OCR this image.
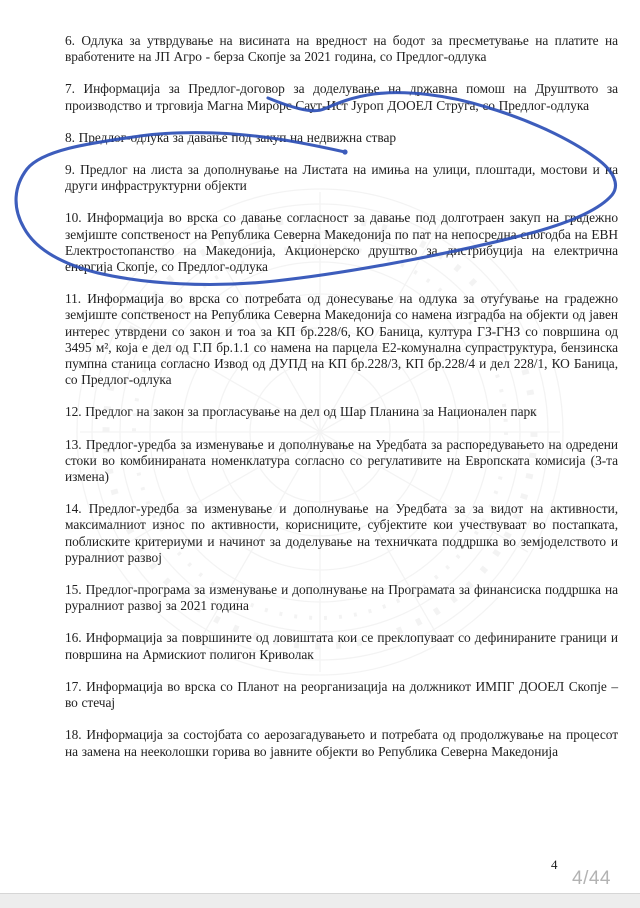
6. Одлука за утврдување на висината на вредност на бодот за пресметување на платите на вработените на ЈП Агро - берза Скопје за 2021 година, со Предлог-одлука

7. Информација за Предлог-договор за доделување на државна помош на Друштвото за производство и трговија Магна Мирорс Саут-Ист Јуроп ДООЕЛ Струга, со Предлог-одлука

8. Предлог-одлука за давање под закуп на недвижна ствар

9. Предлог на листа за дополнување на Листата на имиња на улици, плоштади, мостови и на други инфраструктурни објекти

10. Информација во врска со давање согласност за давање под долготраен закуп на градежно земјиште сопственост на Република Северна Македонија по пат на непосредна спогодба на ЕВН Електростопанство на Македонија, Акционерско друштво за дистрибуција на електрична енергија Скопје, со Предлог-одлука

11. Информација во врска со потребата од донесување на одлука за отуѓување на градежно земјиште сопственост на Република Северна Македонија со намена изградба на објекти од јавен интерес утврдени со закон и тоа за КП бр.228/6, КО Баница, култура ГЗ-ГНЗ со површина од 3495 м², која е дел од Г.П бр.1.1 со намена на парцела Е2-комунална супраструктура, бензинска пумпна станица согласно Извод од ДУПД на КП бр.228/3, КП бр.228/4 и дел 228/1, КО Баница, со Предлог-одлука

12. Предлог на закон за прогласување на дел од Шар Планина за Национален парк

13. Предлог-уредба за изменување и дополнување на Уредбата за распоредувањето на одредени стоки во комбинираната номенклатура согласно со регулативите на Европската комисија (3-та измена)

14. Предлог-уредба за изменување и дополнување на Уредбата за за видот на активности, максималниот износ по активности, корисниците, субјектите кои учествуваат во постапката, поблиските критериуми и начинот за доделување на техничката поддршка во земјоделството и руралниот развој

15. Предлог-програма за изменување и дополнување на Програмата за финансиска поддршка на руралниот развој за 2021 година

16. Информација за површините од ловиштата кои се преклопуваат со дефинираните граници и површина на Армискиот полигон Криволак

17. Информација во врска со Планот на реорганизација на должникот ИМПГ ДООЕЛ Скопје – во стечај

18. Информација за состојбата со аерозагадувањето и потребата од продолжување на процесот на замена на нееколошки горива во јавните објекти во Република Северна Македонија

4
4/44
